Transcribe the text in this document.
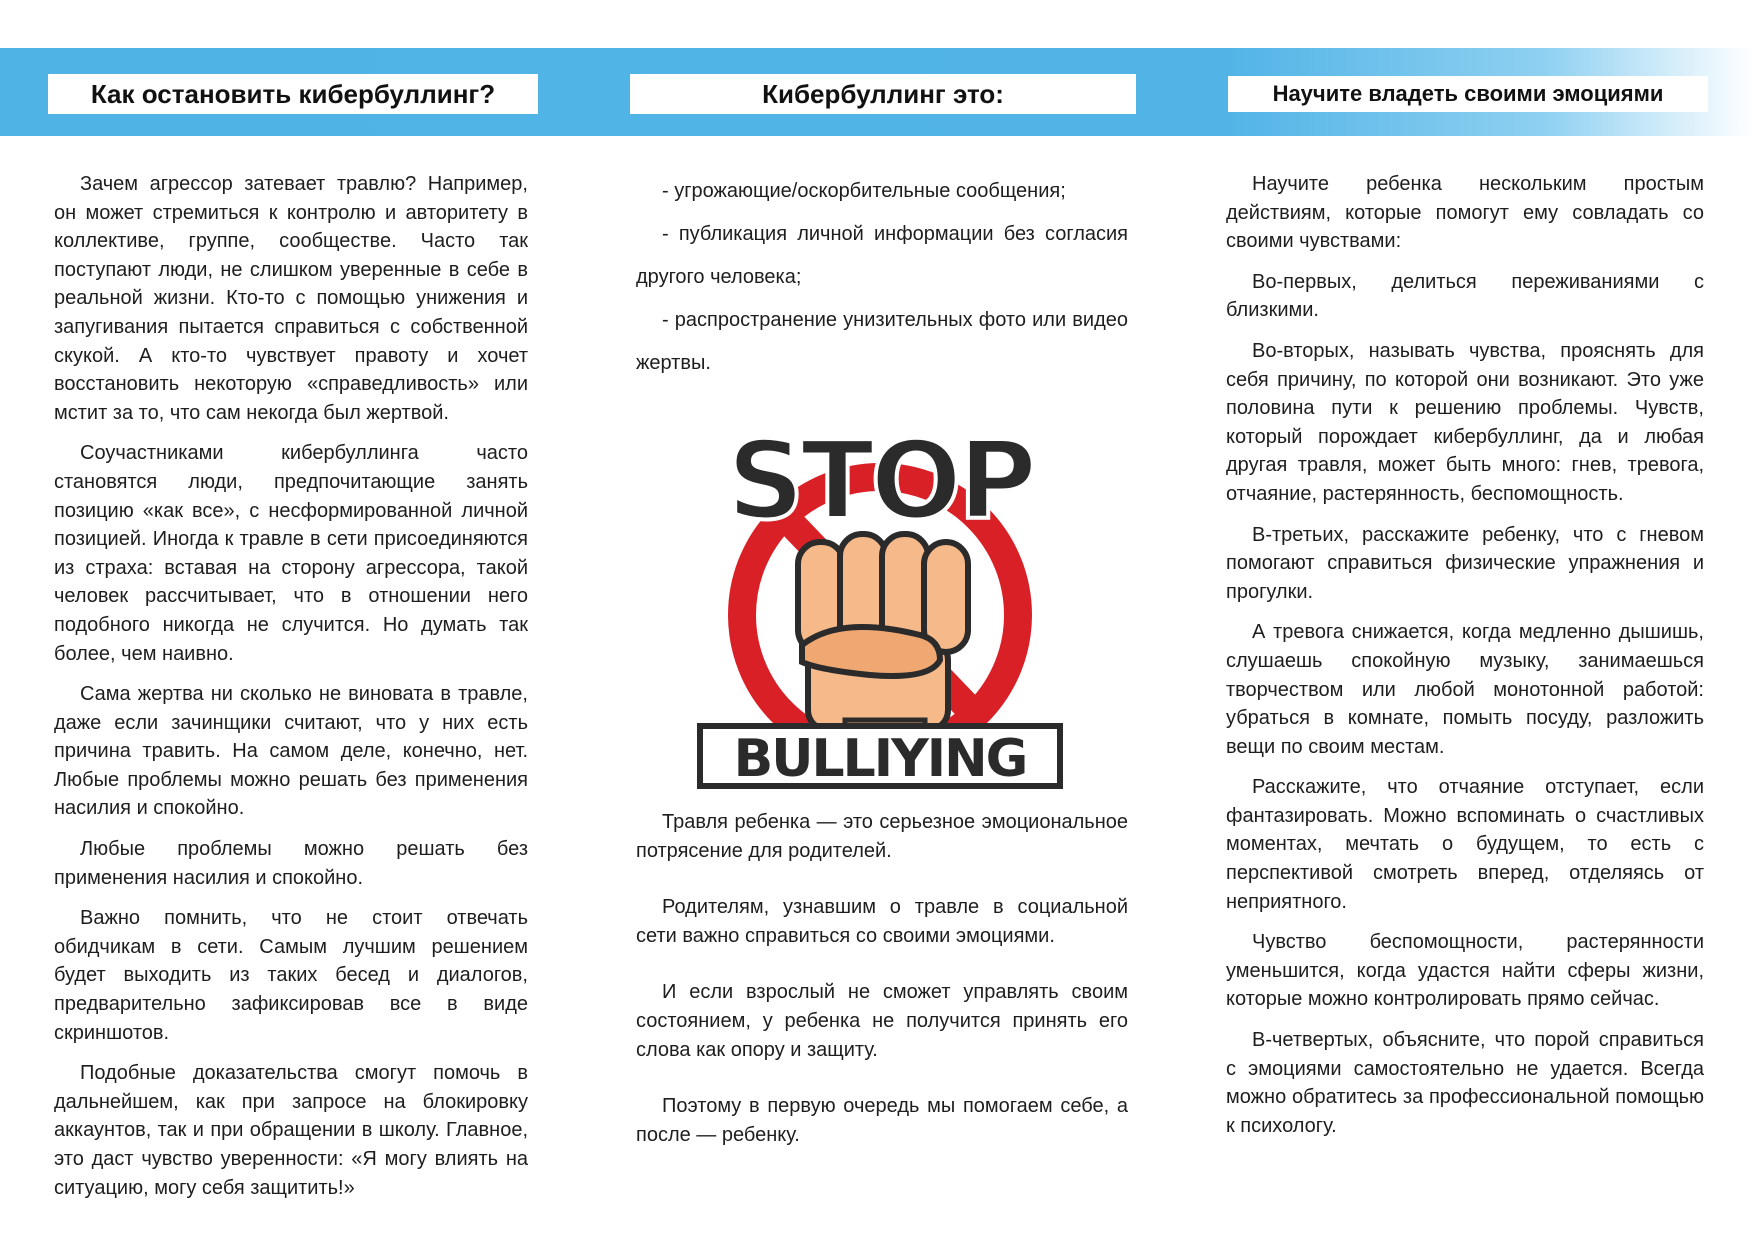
Как остановить кибербуллинг?	Кибербуллинг это:	Научите владеть своими эмоциями

Зачем агрессор затевает травлю? Например, он может стремиться к контролю и авторитету в коллективе, группе, сообществе. Часто так поступают люди, не слишком уверенные в себе в реальной жизни. Кто-то с помощью унижения и запугивания пытается справиться с собственной скукой. А кто-то чувствует правоту и хочет восстановить некоторую «справедливость» или мстит за то, что сам некогда был жертвой.

Соучастниками кибербуллинга часто становятся люди, предпочитающие занять позицию «как все», с несформированной личной позицией. Иногда к травле в сети присоединяются из страха: вставая на сторону агрессора, такой человек рассчитывает, что в отношении него подобного никогда не случится. Но думать так более, чем наивно.

Сама жертва ни сколько не виновата в травле, даже если зачинщики считают, что у них есть причина травить. На самом деле, конечно, нет. Любые проблемы можно решать без применения насилия и спокойно.

Любые проблемы можно решать без применения насилия и спокойно.

Важно помнить, что не стоит отвечать обидчикам в сети. Самым лучшим решением будет выходить из таких бесед и диалогов, предварительно зафиксировав все в виде скриншотов.

Подобные доказательства смогут помочь в дальнейшем, как при запросе на блокировку аккаунтов, так и при обращении в школу. Главное, это даст чувство уверенности: «Я могу влиять на ситуацию, могу себя защитить!»

- угрожающие/оскорбительные сообщения;

- публикация личной информации без согласия другого человека;

- распространение унизительных фото или видео жертвы.

STOP
BULLIYING

Травля ребенка — это серьезное эмоциональное потрясение для родителей.

Родителям, узнавшим о травле в социальной сети важно справиться со своими эмоциями.

И если взрослый не сможет управлять своим состоянием, у ребенка не получится принять его слова как опору и защиту.

Поэтому в первую очередь мы помогаем себе, а после — ребенку.

Научите ребенка нескольким простым действиям, которые помогут ему совладать со своими чувствами:

Во-первых, делиться переживаниями с близкими.

Во-вторых, называть чувства, прояснять для себя причину, по которой они возникают. Это уже половина пути к решению проблемы. Чувств, который порождает кибербуллинг, да и любая другая травля, может быть много: гнев, тревога, отчаяние, растерянность, беспомощность.

В-третьих, расскажите ребенку, что с гневом помогают справиться физические упражнения и прогулки.

А тревога снижается, когда медленно дышишь, слушаешь спокойную музыку, занимаешься творчеством или любой монотонной работой: убраться в комнате, помыть посуду, разложить вещи по своим местам.

Расскажите, что отчаяние отступает, если фантазировать. Можно вспоминать о счастливых моментах, мечтать о будущем, то есть с перспективой смотреть вперед, отделяясь от неприятного.

Чувство беспомощности, растерянности уменьшится, когда удастся найти сферы жизни, которые можно контролировать прямо сейчас.

В-четвертых, объясните, что порой справиться с эмоциями самостоятельно не удается. Всегда можно обратитесь за профессиональной помощью к психологу.
